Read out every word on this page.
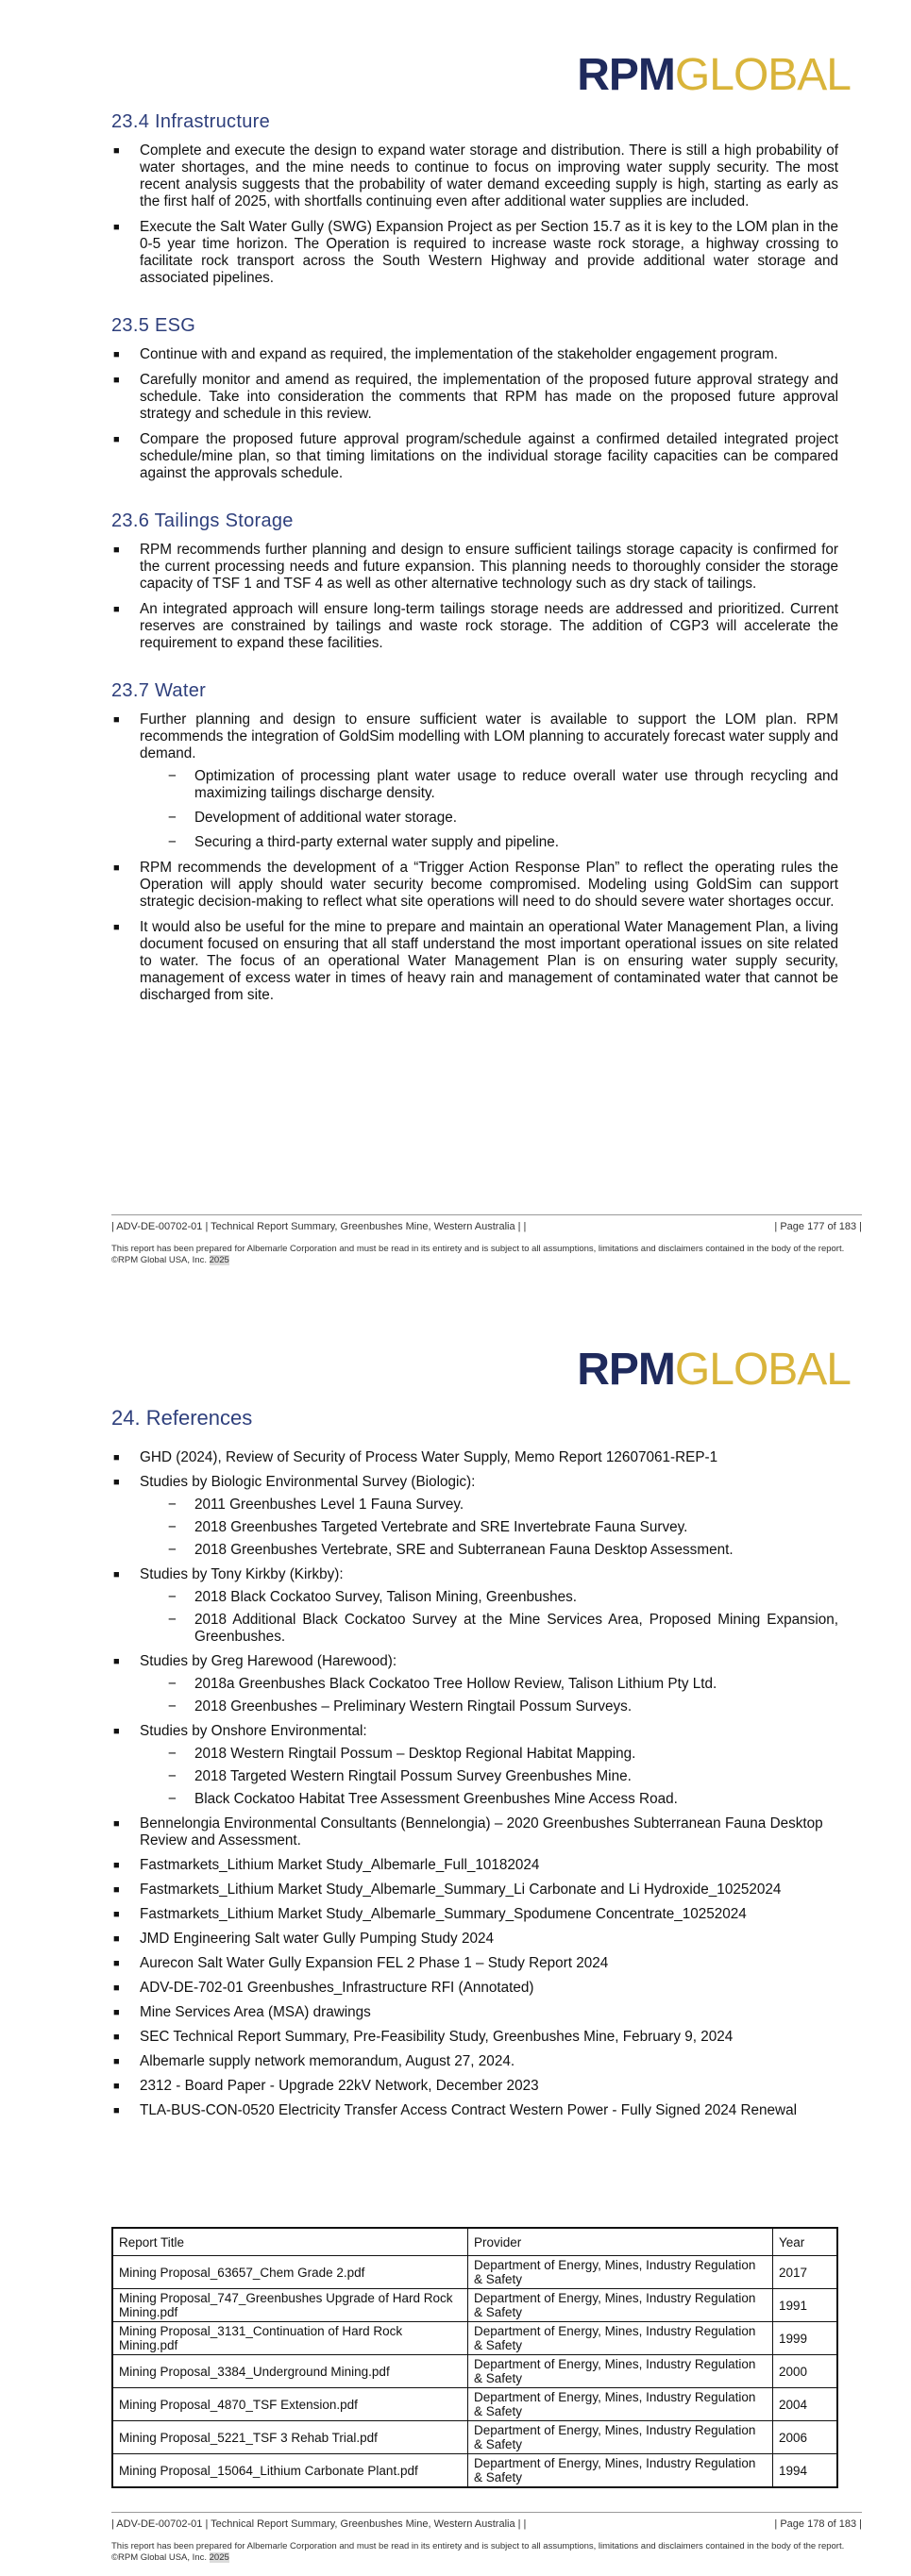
RPMGLOBAL
23.4 Infrastructure
■ Complete and execute the design to expand water storage and distribution. There is still a high probability of water shortages, and the mine needs to continue to focus on improving water supply security. The most recent analysis suggests that the probability of water demand exceeding supply is high, starting as early as the first half of 2025, with shortfalls continuing even after additional water supplies are included.
■ Execute the Salt Water Gully (SWG) Expansion Project as per Section 15.7 as it is key to the LOM plan in the 0-5 year time horizon. The Operation is required to increase waste rock storage, a highway crossing to facilitate rock transport across the South Western Highway and provide additional water storage and associated pipelines.
23.5 ESG
■ Continue with and expand as required, the implementation of the stakeholder engagement program.
■ Carefully monitor and amend as required, the implementation of the proposed future approval strategy and schedule. Take into consideration the comments that RPM has made on the proposed future approval strategy and schedule in this review.
■ Compare the proposed future approval program/schedule against a confirmed detailed integrated project schedule/mine plan, so that timing limitations on the individual storage facility capacities can be compared against the approvals schedule.
23.6 Tailings Storage
■ RPM recommends further planning and design to ensure sufficient tailings storage capacity is confirmed for the current processing needs and future expansion. This planning needs to thoroughly consider the storage capacity of TSF 1 and TSF 4 as well as other alternative technology such as dry stack of tailings.
■ An integrated approach will ensure long-term tailings storage needs are addressed and prioritized. Current reserves are constrained by tailings and waste rock storage. The addition of CGP3 will accelerate the requirement to expand these facilities.
23.7 Water
■ Further planning and design to ensure sufficient water is available to support the LOM plan. RPM recommends the integration of GoldSim modelling with LOM planning to accurately forecast water supply and demand.
− Optimization of processing plant water usage to reduce overall water use through recycling and maximizing tailings discharge density.
− Development of additional water storage.
− Securing a third-party external water supply and pipeline.
■ RPM recommends the development of a “Trigger Action Response Plan” to reflect the operating rules the Operation will apply should water security become compromised. Modeling using GoldSim can support strategic decision-making to reflect what site operations will need to do should severe water shortages occur.
■ It would also be useful for the mine to prepare and maintain an operational Water Management Plan, a living document focused on ensuring that all staff understand the most important operational issues on site related to water. The focus of an operational Water Management Plan is on ensuring water supply security, management of excess water in times of heavy rain and management of contaminated water that cannot be discharged from site.
| ADV-DE-00702-01 | Technical Report Summary, Greenbushes Mine, Western Australia | |	| Page 177 of 183 |
This report has been prepared for Albemarle Corporation and must be read in its entirety and is subject to all assumptions, limitations and disclaimers contained in the body of the report. ©RPM Global USA, Inc. 2025
RPMGLOBAL
24. References
■ GHD (2024), Review of Security of Process Water Supply, Memo Report 12607061-REP-1
■ Studies by Biologic Environmental Survey (Biologic):
− 2011 Greenbushes Level 1 Fauna Survey.
− 2018 Greenbushes Targeted Vertebrate and SRE Invertebrate Fauna Survey.
− 2018 Greenbushes Vertebrate, SRE and Subterranean Fauna Desktop Assessment.
■ Studies by Tony Kirkby (Kirkby):
− 2018 Black Cockatoo Survey, Talison Mining, Greenbushes.
− 2018 Additional Black Cockatoo Survey at the Mine Services Area, Proposed Mining Expansion, Greenbushes.
■ Studies by Greg Harewood (Harewood):
− 2018a Greenbushes Black Cockatoo Tree Hollow Review, Talison Lithium Pty Ltd.
− 2018 Greenbushes – Preliminary Western Ringtail Possum Surveys.
■ Studies by Onshore Environmental:
− 2018 Western Ringtail Possum – Desktop Regional Habitat Mapping.
− 2018 Targeted Western Ringtail Possum Survey Greenbushes Mine.
− Black Cockatoo Habitat Tree Assessment Greenbushes Mine Access Road.
■ Bennelongia Environmental Consultants (Bennelongia) – 2020 Greenbushes Subterranean Fauna Desktop Review and Assessment.
■ Fastmarkets_Lithium Market Study_Albemarle_Full_10182024
■ Fastmarkets_Lithium Market Study_Albemarle_Summary_Li Carbonate and Li Hydroxide_10252024
■ Fastmarkets_Lithium Market Study_Albemarle_Summary_Spodumene Concentrate_10252024
■ JMD Engineering Salt water Gully Pumping Study 2024
■ Aurecon Salt Water Gully Expansion FEL 2 Phase 1 – Study Report 2024
■ ADV-DE-702-01 Greenbushes_Infrastructure RFI (Annotated)
■ Mine Services Area (MSA) drawings
■ SEC Technical Report Summary, Pre-Feasibility Study, Greenbushes Mine, February 9, 2024
■ Albemarle supply network memorandum, August 27, 2024.
■ 2312 - Board Paper - Upgrade 22kV Network, December 2023
■ TLA-BUS-CON-0520 Electricity Transfer Access Contract Western Power - Fully Signed 2024 Renewal
Report Title	Provider	Year
Mining Proposal_63657_Chem Grade 2.pdf	Department of Energy, Mines, Industry Regulation & Safety	2017
Mining Proposal_747_Greenbushes Upgrade of Hard Rock Mining.pdf	Department of Energy, Mines, Industry Regulation & Safety	1991
Mining Proposal_3131_Continuation of Hard Rock Mining.pdf	Department of Energy, Mines, Industry Regulation & Safety	1999
Mining Proposal_3384_Underground Mining.pdf	Department of Energy, Mines, Industry Regulation & Safety	2000
Mining Proposal_4870_TSF Extension.pdf	Department of Energy, Mines, Industry Regulation & Safety	2004
Mining Proposal_5221_TSF 3 Rehab Trial.pdf	Department of Energy, Mines, Industry Regulation & Safety	2006
Mining Proposal_15064_Lithium Carbonate Plant.pdf	Department of Energy, Mines, Industry Regulation & Safety	1994
| ADV-DE-00702-01 | Technical Report Summary, Greenbushes Mine, Western Australia | |	| Page 178 of 183 |
This report has been prepared for Albemarle Corporation and must be read in its entirety and is subject to all assumptions, limitations and disclaimers contained in the body of the report. ©RPM Global USA, Inc. 2025
